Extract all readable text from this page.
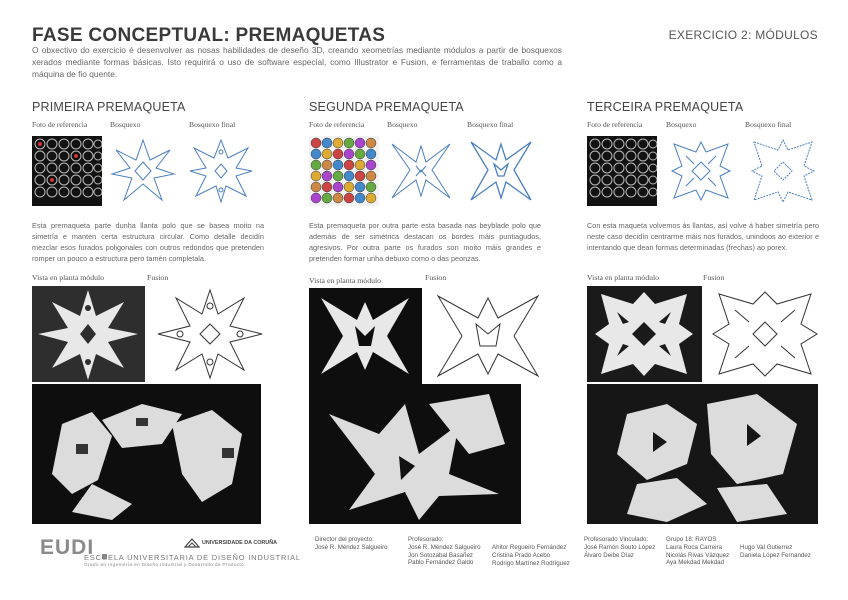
FASE CONCEPTUAL: PREMAQUETAS	EXERCICIO 2: MÓDULOS
O obxectivo do exercicio é desenvolver as nosas habilidades de deseño 3D, creando xeometrías mediante módulos a partir de bosquexos xerados mediante formas básicas. Isto requirirá o uso de software especial, como Illustrator e Fusion, e ferramentas de traballo como a máquina de fio quente.
PRIMEIRA PREMAQUETA
Foto de referencia	Bosquexo	Bosquexo final
SEGUNDA PREMAQUETA
Foto de referencia	Bosquexo	Bosquexo final
TERCEIRA PREMAQUETA
Foto de referencia	Bosquexo	Bosquexo final
Esta premaqueta parte dunha llanta polo que se basea moito na simetría e manten certa estructura circular. Como detalle decidín mezclar esos furados poligonales con outros redondos que pretenden romper un pouco a estructura pero tamén completala.
Esta premaqueta por outra parte esta basada nas beyblade polo que ademáis de ser simétrica destacan os bordes máis puntiagudos, agresivos. Por outra parte os furados son moito máis grandes e pretenden formar unha debuxo como o das peonzas.
Con esta maqueta volvemos ás llantas, así volve á haber simetría pero neste caso decidín centrarme máis nos furados, unindoos ao exterior e intentando que dean formas determinadas (frechas) ao porex.
Vista en planta módulo	Fusion	Vista en planta módulo	Fusion	Vista en planta módulo	Fusion
EUDI
ESCUELA UNIVERSITARIA DE DISEÑO INDUSTRIAL
Grado en Ingeniería en Diseño Industrial y Desarrollo de Producto
UNIVERSIDADE DA CORUÑA	Director del proyecto:
José R. Méndez Salgueiro
Profesorado:
José R. Méndez Salgueiro
Jon Sotozabal Basañez
Pablo Fernández Galdo
Ahitor Regueiro Fernández
Cristina Prado Acebo
Rodrigo Martínez Rodríguez
Profesorado Vinculado:
José Ramón Souto López
Álvaro Deibe Díaz
Grupo 18: RAYOS
Laura Roca Carreira
Nicolás Rivas Vázquez
Aya Mekdad Mekdad
Hugo Val Gutierrez
Daniela López Fernandez
